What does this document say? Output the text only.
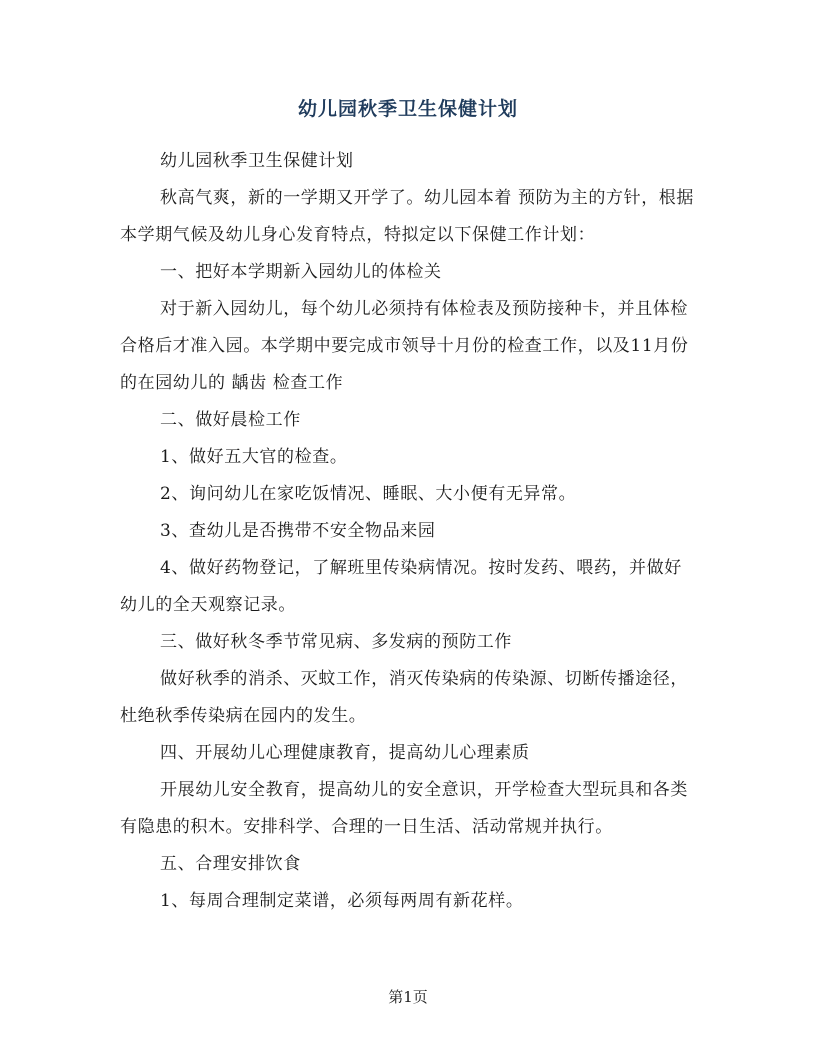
幼儿园秋季卫生保健计划

幼儿园秋季卫生保健计划

秋高气爽，新的一学期又开学了。幼儿园本着 预防为主的方针，根据本学期气候及幼儿身心发育特点，特拟定以下保健工作计划：

一、把好本学期新入园幼儿的体检关

对于新入园幼儿，每个幼儿必须持有体检表及预防接种卡，并且体检合格后才准入园。本学期中要完成市领导十月份的检查工作，以及11月份的在园幼儿的 龋齿 检查工作

二、做好晨检工作

1、做好五大官的检查。

2、询问幼儿在家吃饭情况、睡眠、大小便有无异常。

3、查幼儿是否携带不安全物品来园

4、做好药物登记，了解班里传染病情况。按时发药、喂药，并做好幼儿的全天观察记录。

三、做好秋冬季节常见病、多发病的预防工作

做好秋季的消杀、灭蚊工作，消灭传染病的传染源、切断传播途径，杜绝秋季传染病在园内的发生。

四、开展幼儿心理健康教育，提高幼儿心理素质

开展幼儿安全教育，提高幼儿的安全意识，开学检查大型玩具和各类有隐患的积木。安排科学、合理的一日生活、活动常规并执行。

五、合理安排饮食

1、每周合理制定菜谱，必须每两周有新花样。

第1页
